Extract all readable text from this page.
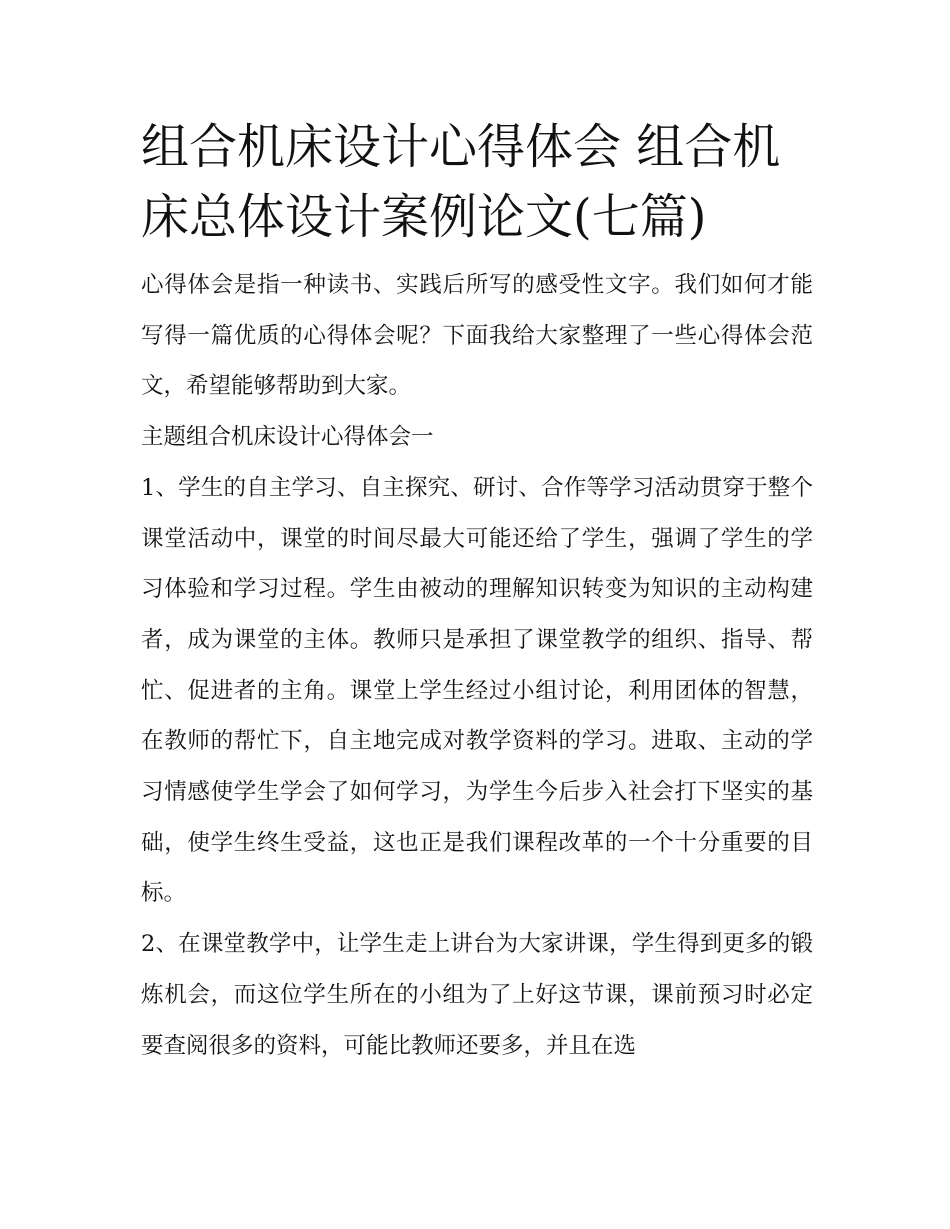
组合机床设计心得体会 组合机床总体设计案例论文(七篇)

心得体会是指一种读书、实践后所写的感受性文字。我们如何才能写得一篇优质的心得体会呢？下面我给大家整理了一些心得体会范文，希望能够帮助到大家。

主题组合机床设计心得体会一

1、学生的自主学习、自主探究、研讨、合作等学习活动贯穿于整个课堂活动中，课堂的时间尽最大可能还给了学生，强调了学生的学习体验和学习过程。学生由被动的理解知识转变为知识的主动构建者，成为课堂的主体。教师只是承担了课堂教学的组织、指导、帮忙、促进者的主角。课堂上学生经过小组讨论，利用团体的智慧，在教师的帮忙下，自主地完成对教学资料的学习。进取、主动的学习情感使学生学会了如何学习，为学生今后步入社会打下坚实的基础，使学生终生受益，这也正是我们课程改革的一个十分重要的目标。

2、在课堂教学中，让学生走上讲台为大家讲课，学生得到更多的锻炼机会，而这位学生所在的小组为了上好这节课，课前预习时必定要查阅很多的资料，可能比教师还要多，并且在选
